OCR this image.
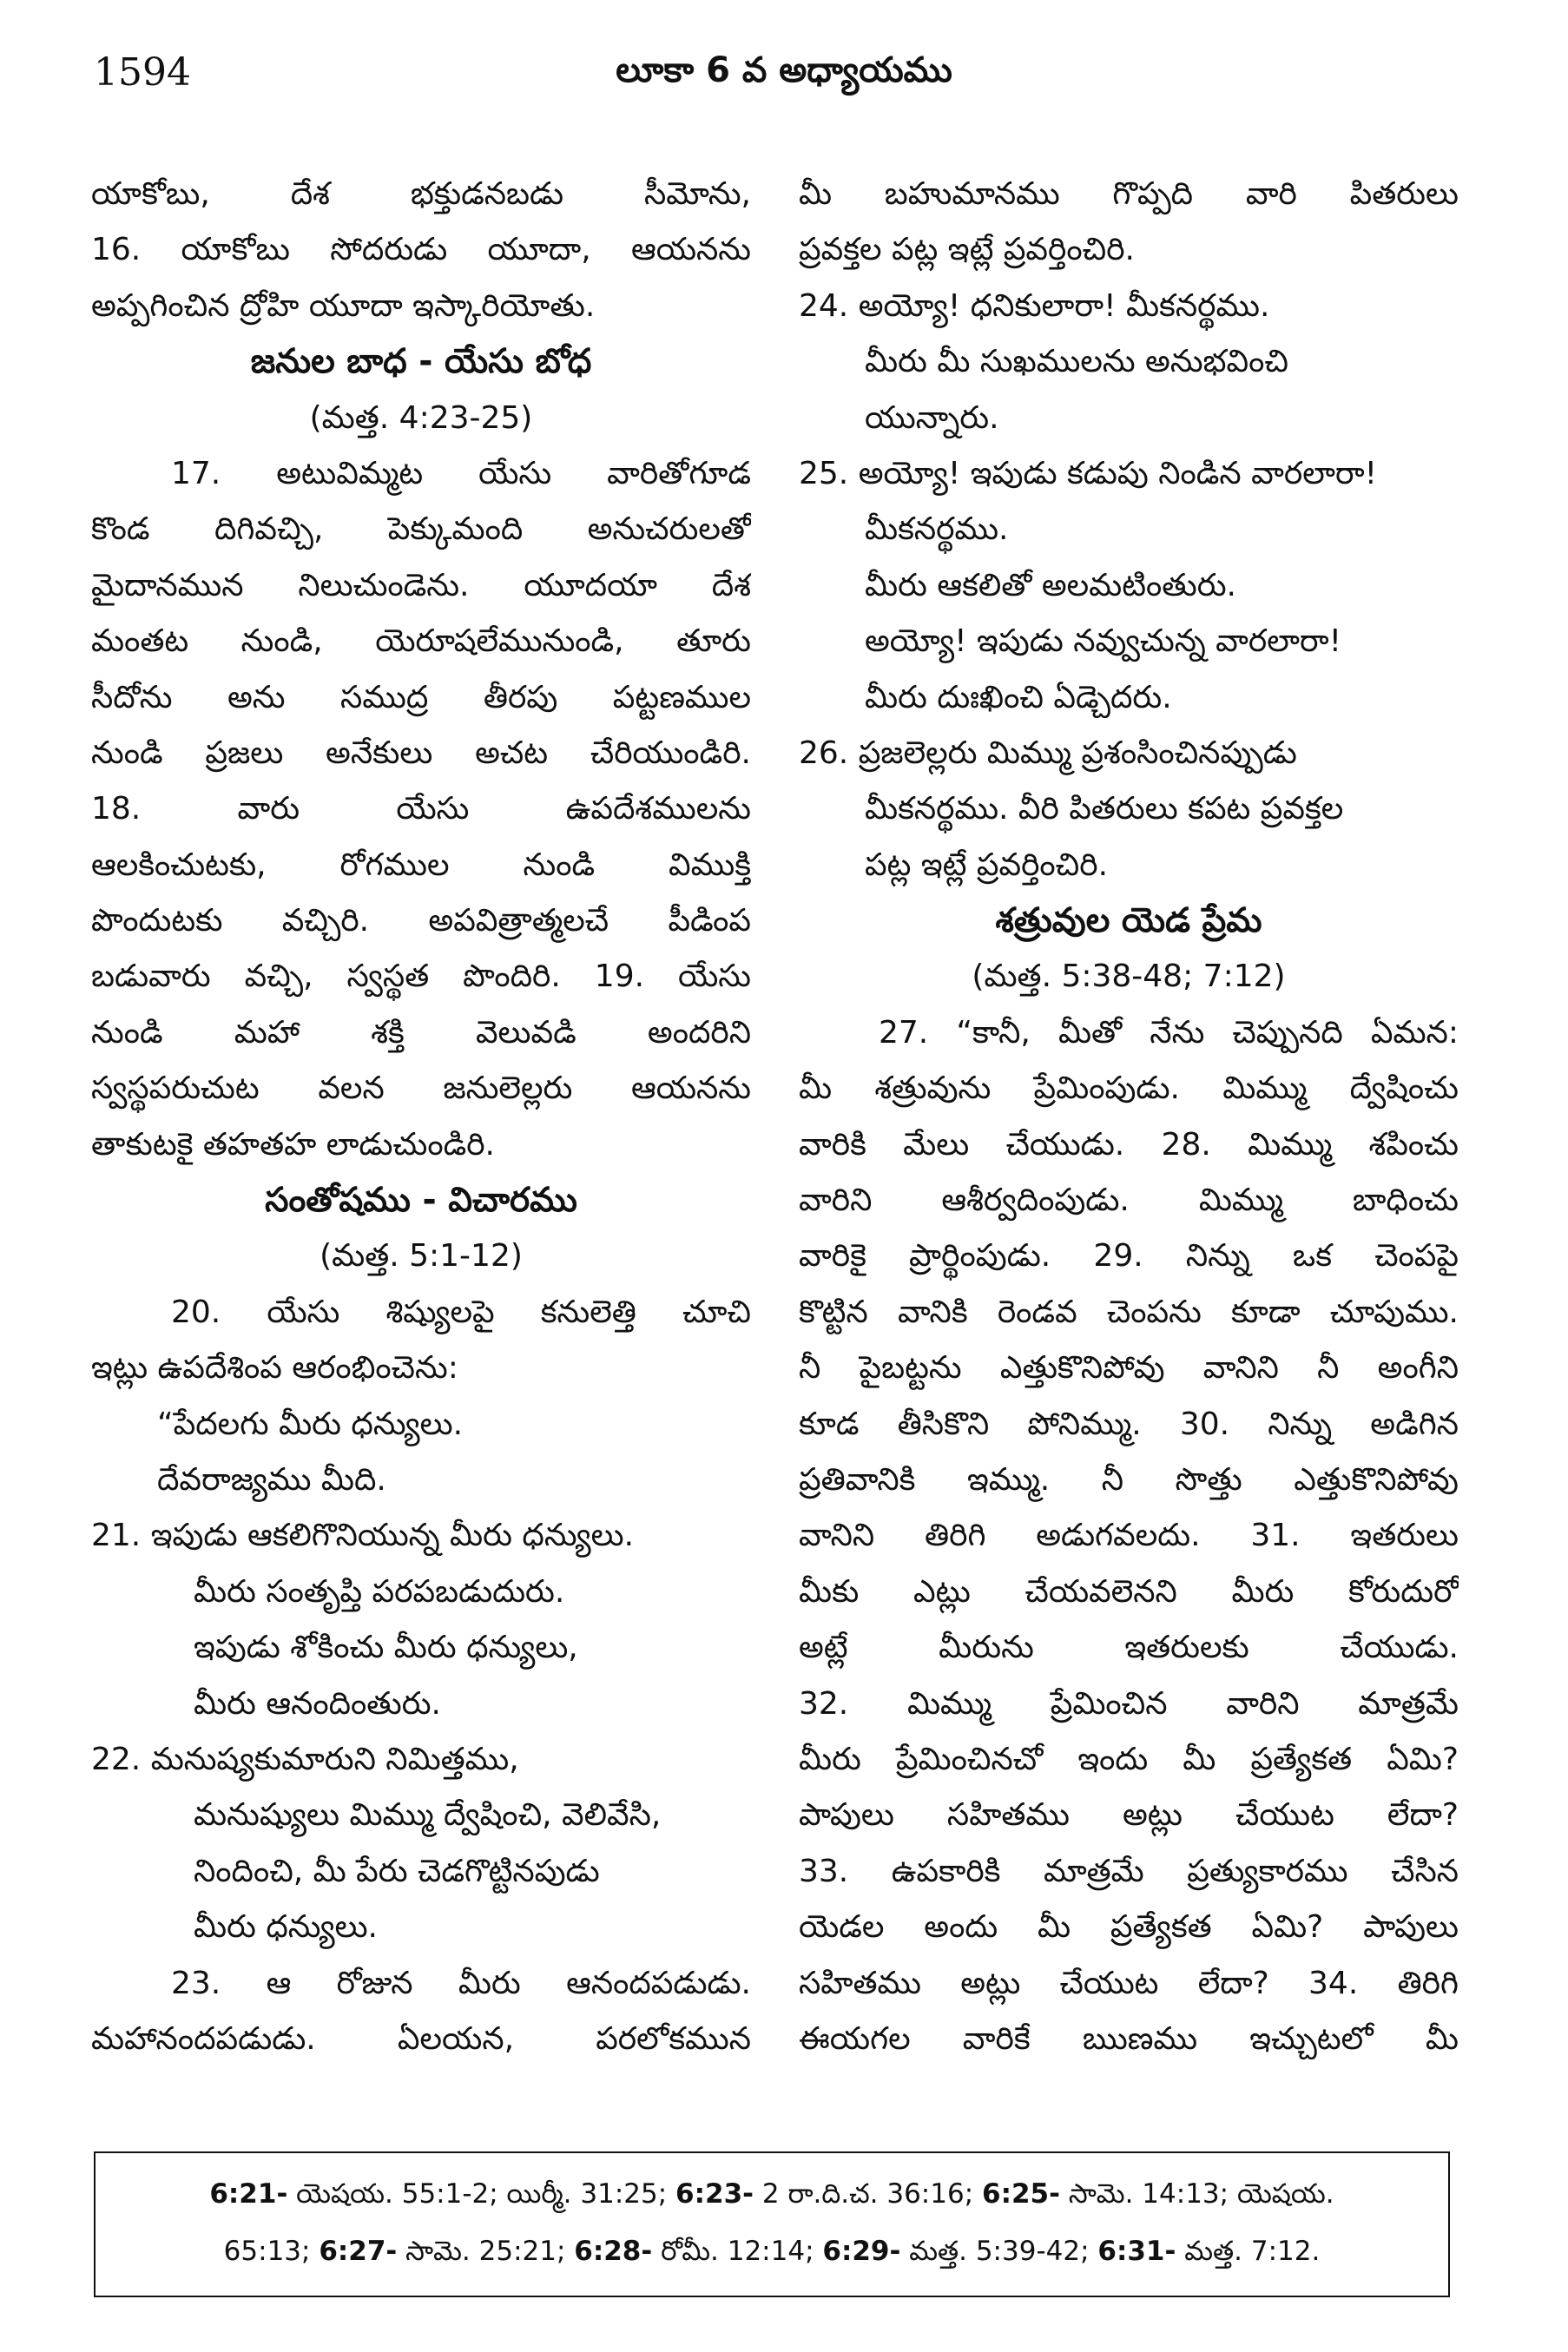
1594	లూకా 6 వ అధ్యాయము
యాకోబు, దేశ భక్తుడనబడు సీమోను,
16. యాకోబు సోదరుడు యూదా, ఆయనను
అప్పగించిన ద్రోహి యూదా ఇస్కారియోతు.
జనుల బాధ - యేసు బోధ
(మత్త. 4:23-25)
17. అటువిమ్మట యేసు వారితోగూడ
కొండ దిగివచ్చి, పెక్కుమంది అనుచరులతో
మైదానమున నిలుచుండెను. యూదయా దేశ
మంతట నుండి, యెరూషలేమునుండి, తూరు
సీదోను అను సముద్ర తీరపు పట్టణముల
నుండి ప్రజలు అనేకులు అచట చేరియుండిరి.
18. వారు యేసు ఉపదేశములను
ఆలకించుటకు, రోగముల నుండి విముక్తి
పొందుటకు వచ్చిరి. అపవిత్రాత్మలచే పీడింప
బడువారు వచ్చి, స్వస్థత పొందిరి. 19. యేసు
నుండి మహా శక్తి వెలువడి అందరిని
స్వస్థపరుచుట వలన జనులెల్లరు ఆయనను
తాకుటకై తహతహ లాడుచుండిరి.
సంతోషము - విచారము
(మత్త. 5:1-12)
20. యేసు శిష్యులపై కనులెత్తి చూచి
ఇట్లు ఉపదేశింప ఆరంభించెను:
“పేదలగు మీరు ధన్యులు.
దేవరాజ్యము మీది.
21. ఇపుడు ఆకలిగొనియున్న మీరు ధన్యులు.
మీరు సంతృప్తి పరపబడుదురు.
ఇపుడు శోకించు మీరు ధన్యులు,
మీరు ఆనందింతురు.
22. మనుష్యకుమారుని నిమిత్తము,
మనుష్యులు మిమ్ము ద్వేషించి, వెలివేసి,
నిందించి, మీ పేరు చెడగొట్టినపుడు
మీరు ధన్యులు.
23. ఆ రోజున మీరు ఆనందపడుడు.
మహానందపడుడు. ఏలయన, పరలోకమున
మీ బహుమానము గొప్పది వారి పితరులు
ప్రవక్తల పట్ల ఇట్లే ప్రవర్తించిరి.
24. అయ్యో! ధనికులారా! మీకనర్థము.
మీరు మీ సుఖములను అనుభవించి
యున్నారు.
25. అయ్యో! ఇపుడు కడుపు నిండిన వారలారా!
మీకనర్థము.
మీరు ఆకలితో అలమటింతురు.
అయ్యో! ఇపుడు నవ్వుచున్న వారలారా!
మీరు దుఃఖించి ఏడ్చెదరు.
26. ప్రజలెల్లరు మిమ్ము ప్రశంసించినప్పుడు
మీకనర్థము. వీరి పితరులు కపట ప్రవక్తల
పట్ల ఇట్లే ప్రవర్తించిరి.
శత్రువుల యెడ ప్రేమ
(మత్త. 5:38-48; 7:12)
27. “కానీ, మీతో నేను చెప్పునది ఏమన:
మీ శత్రువును ప్రేమింపుడు. మిమ్ము ద్వేషించు
వారికి మేలు చేయుడు. 28. మిమ్ము శపించు
వారిని ఆశీర్వదింపుడు. మిమ్ము బాధించు
వారికై ప్రార్థింపుడు. 29. నిన్ను ఒక చెంపపై
కొట్టిన వానికి రెండవ చెంపను కూడా చూపుము.
నీ పైబట్టను ఎత్తుకొనిపోవు వానిని నీ అంగీని
కూడ తీసికొని పోనిమ్ము. 30. నిన్ను అడిగిన
ప్రతివానికి ఇమ్ము. నీ సొత్తు ఎత్తుకొనిపోవు
వానిని తిరిగి అడుగవలదు. 31. ఇతరులు
మీకు ఎట్లు చేయవలెనని మీరు కోరుదురో
అట్లే మీరును ఇతరులకు చేయుడు.
32. మిమ్ము ప్రేమించిన వారిని మాత్రమే
మీరు ప్రేమించినచో ఇందు మీ ప్రత్యేకత ఏమి?
పాపులు సహితము అట్లు చేయుట లేదా?
33. ఉపకారికి మాత్రమే ప్రత్యుకారము చేసిన
యెడల అందు మీ ప్రత్యేకత ఏమి? పాపులు
సహితము అట్లు చేయుట లేదా? 34. తిరిగి
ఈయగల వారికే ఋణము ఇచ్చుటలో మీ
6:21- యెషయ. 55:1-2; యిర్మీ. 31:25; 6:23- 2 రా.ది.చ. 36:16; 6:25- సామె. 14:13; యెషయ.
65:13; 6:27- సామె. 25:21; 6:28- రోమీ. 12:14; 6:29- మత్త. 5:39-42; 6:31- మత్త. 7:12.
